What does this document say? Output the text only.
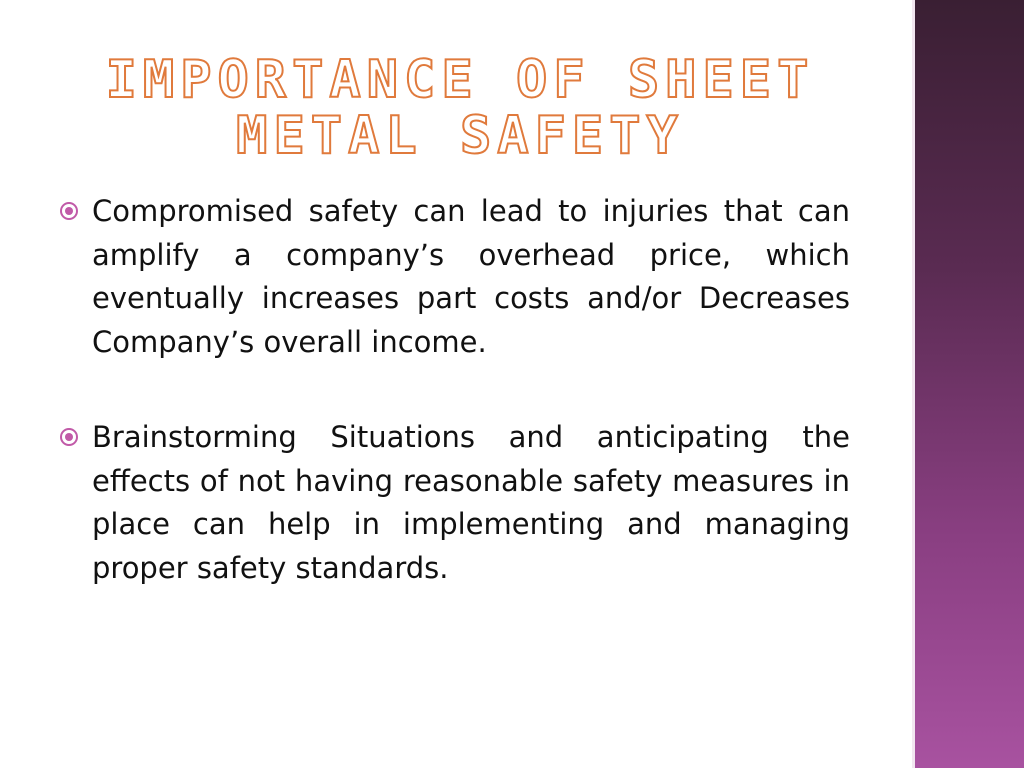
IMPORTANCE OF SHEET METAL SAFETY
Compromised safety can lead to injuries that can amplify a company’s overhead price, which eventually increases part costs and/or Decreases Company’s overall income.
Brainstorming Situations and anticipating the effects of not having reasonable safety measures in place can help in implementing and managing proper safety standards.
